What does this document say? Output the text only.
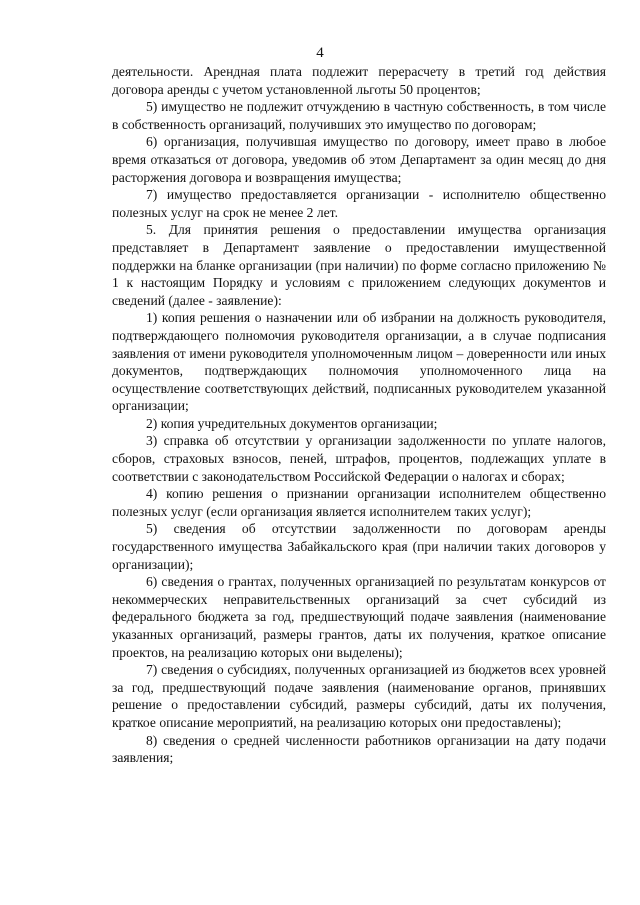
4

деятельности. Арендная плата подлежит перерасчету в третий год действия договора аренды с учетом установленной льготы 50 процентов;

5) имущество не подлежит отчуждению в частную собственность, в том числе в собственность организаций, получивших это имущество по договорам;

6) организация, получившая имущество по договору, имеет право в любое время отказаться от договора, уведомив об этом Департамент за один месяц до дня расторжения договора и возвращения имущества;

7) имущество предоставляется организации - исполнителю общественно полезных услуг на срок не менее 2 лет.

5. Для принятия решения о предоставлении имущества организация представляет в Департамент заявление о предоставлении имущественной поддержки на бланке организации (при наличии) по форме согласно приложению № 1 к настоящим Порядку и условиям с приложением следующих документов и сведений (далее - заявление):

1) копия решения о назначении или об избрании на должность руководителя, подтверждающего полномочия руководителя организации, а в случае подписания заявления от имени руководителя уполномоченным лицом – доверенности или иных документов, подтверждающих полномочия уполномоченного лица на осуществление соответствующих действий, подписанных руководителем указанной организации;

2) копия учредительных документов организации;

3) справка об отсутствии у организации задолженности по уплате налогов, сборов, страховых взносов, пеней, штрафов, процентов, подлежащих уплате в соответствии с законодательством Российской Федерации о налогах и сборах;

4) копию решения о признании организации исполнителем общественно полезных услуг (если организация является исполнителем таких услуг);

5) сведения об отсутствии задолженности по договорам аренды государственного имущества Забайкальского края (при наличии таких договоров у организации);

6) сведения о грантах, полученных организацией по результатам конкурсов от некоммерческих неправительственных организаций за счет субсидий из федерального бюджета за год, предшествующий подаче заявления (наименование указанных организаций, размеры грантов, даты их получения, краткое описание проектов, на реализацию которых они выделены);

7) сведения о субсидиях, полученных организацией из бюджетов всех уровней за год, предшествующий подаче заявления (наименование органов, принявших решение о предоставлении субсидий, размеры субсидий, даты их получения, краткое описание мероприятий, на реализацию которых они предоставлены);

8) сведения о средней численности работников организации на дату подачи заявления;
